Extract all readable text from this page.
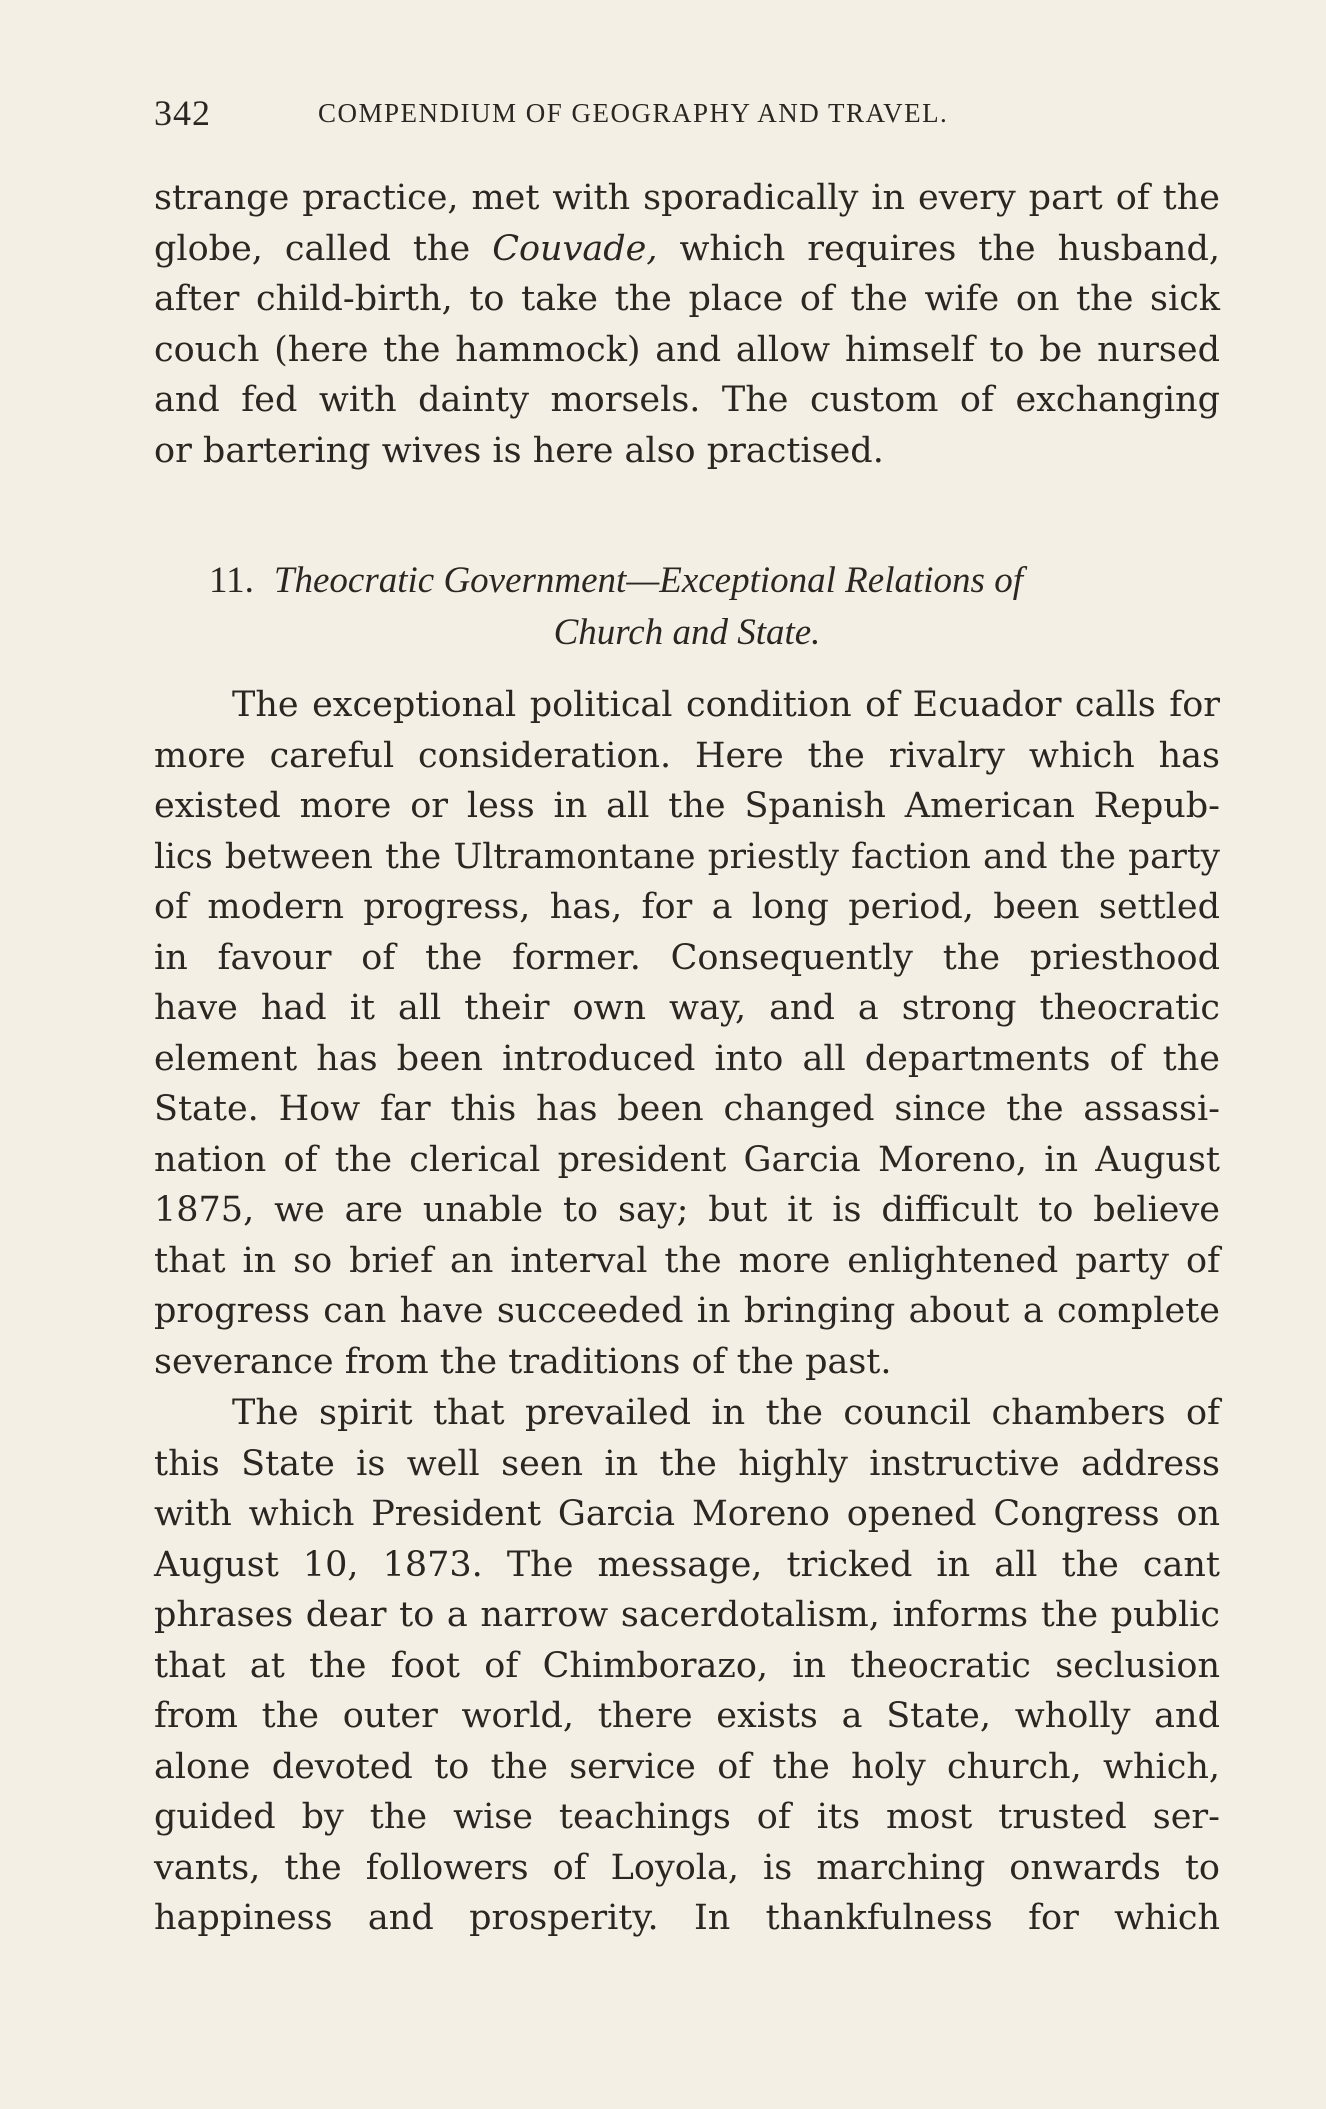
342	COMPENDIUM OF GEOGRAPHY AND TRAVEL.
strange practice, met with sporadically in every part of the
globe, called the Couvade, which requires the husband,
after child-birth, to take the place of the wife on the sick
couch (here the hammock) and allow himself to be nursed
and fed with dainty morsels. The custom of exchanging
or bartering wives is here also practised.
11. Theocratic Government—Exceptional Relations of
Church and State.
The exceptional political condition of Ecuador calls for
more careful consideration. Here the rivalry which has
existed more or less in all the Spanish American Repub-
lics between the Ultramontane priestly faction and the party
of modern progress, has, for a long period, been settled
in favour of the former. Consequently the priesthood
have had it all their own way, and a strong theocratic
element has been introduced into all departments of the
State. How far this has been changed since the assassi-
nation of the clerical president Garcia Moreno, in August
1875, we are unable to say; but it is difficult to believe
that in so brief an interval the more enlightened party of
progress can have succeeded in bringing about a complete
severance from the traditions of the past.
The spirit that prevailed in the council chambers of
this State is well seen in the highly instructive address
with which President Garcia Moreno opened Congress on
August 10, 1873. The message, tricked in all the cant
phrases dear to a narrow sacerdotalism, informs the public
that at the foot of Chimborazo, in theocratic seclusion
from the outer world, there exists a State, wholly and
alone devoted to the service of the holy church, which,
guided by the wise teachings of its most trusted ser-
vants, the followers of Loyola, is marching onwards to
happiness and prosperity. In thankfulness for which
